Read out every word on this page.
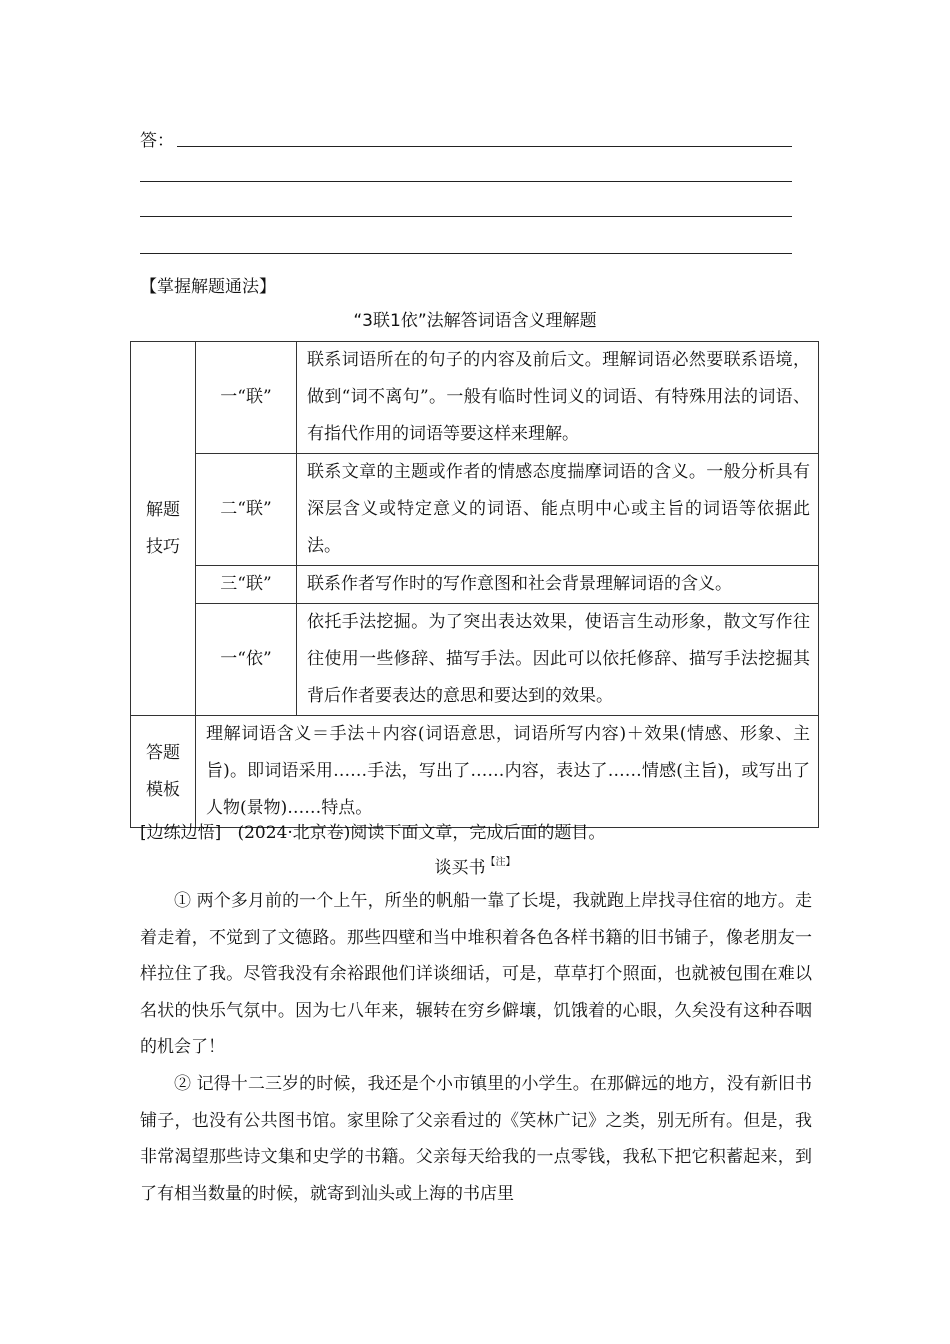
答：
【掌握解题通法】
“3联1依”法解答词语含义理解题
解题
技巧	一“联”	联系词语所在的句子的内容及前后文。理解词语必然要联系语境，做到“词不离句”。一般有临时性词义的词语、有特殊用法的词语、有指代作用的词语等要这样来理解。
	二“联”	联系文章的主题或作者的情感态度揣摩词语的含义。一般分析具有深层含义或特定意义的词语、能点明中心或主旨的词语等依据此法。
	三“联”	联系作者写作时的写作意图和社会背景理解词语的含义。
	一“依”	依托手法挖掘。为了突出表达效果，使语言生动形象，散文写作往往使用一些修辞、描写手法。因此可以依托修辞、描写手法挖掘其背后作者要表达的意思和要达到的效果。

答题
模板	理解词语含义＝手法＋内容(词语意思，词语所写内容)＋效果(情感、形象、主旨)。即词语采用……手法，写出了……内容，表达了……情感(主旨)，或写出了人物(景物)……特点。	
[边练边悟] (2024·北京卷)阅读下面文章，完成后面的题目。
谈买书$^{【注】}$

① 两个多月前的一个上午，所坐的帆船一靠了长堤，我就跑上岸找寻住宿的地方。走着走着，不觉到了文德路。那些四壁和当中堆积着各色各样书籍的旧书铺子，像老朋友一样拉住了我。尽管我没有余裕跟他们详谈细话，可是，草草打个照面，也就被包围在难以名状的快乐气氛中。因为七八年来，辗转在穷乡僻壤，饥饿着的心眼，久矣没有这种吞咽的机会了！

② 记得十二三岁的时候，我还是个小市镇里的小学生。在那僻远的地方，没有新旧书铺子，也没有公共图书馆。家里除了父亲看过的《笑林广记》之类，别无所有。但是，我非常渴望那些诗文集和史学的书籍。父亲每天给我的一点零钱，我私下把它积蓄起来，到了有相当数量的时候，就寄到汕头或上海的书店里
